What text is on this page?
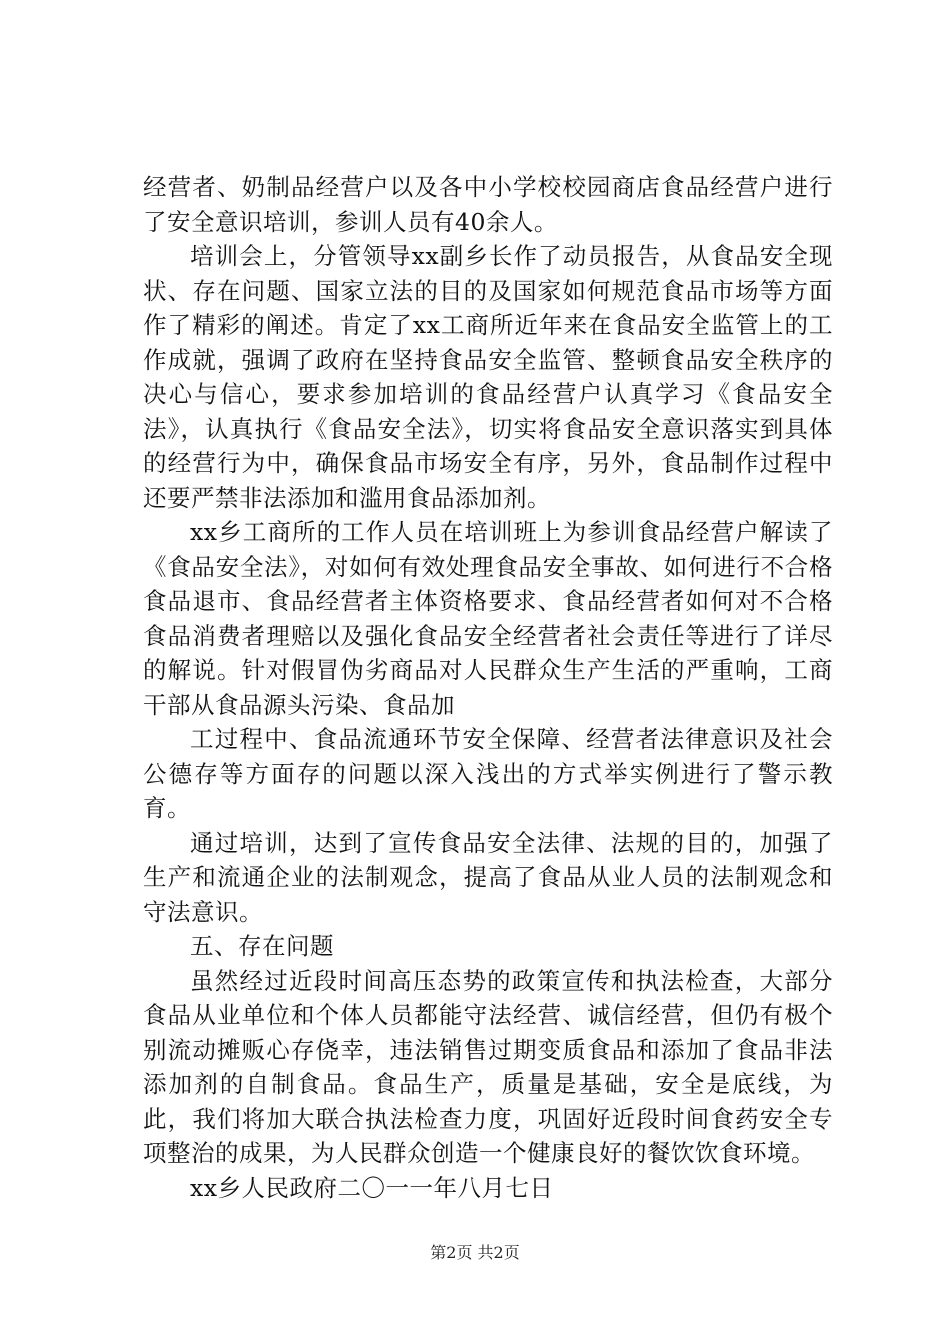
经营者、奶制品经营户以及各中小学校校园商店食品经营户进行了安全意识培训，参训人员有40余人。

培训会上，分管领导xx副乡长作了动员报告，从食品安全现状、存在问题、国家立法的目的及国家如何规范食品市场等方面作了精彩的阐述。肯定了xx工商所近年来在食品安全监管上的工作成就，强调了政府在坚持食品安全监管、整顿食品安全秩序的决心与信心，要求参加培训的食品经营户认真学习《食品安全法》，认真执行《食品安全法》，切实将食品安全意识落实到具体的经营行为中，确保食品市场安全有序，另外，食品制作过程中还要严禁非法添加和滥用食品添加剂。

xx乡工商所的工作人员在培训班上为参训食品经营户解读了《食品安全法》，对如何有效处理食品安全事故、如何进行不合格食品退市、食品经营者主体资格要求、食品经营者如何对不合格食品消费者理赔以及强化食品安全经营者社会责任等进行了详尽的解说。针对假冒伪劣商品对人民群众生产生活的严重响，工商干部从食品源头污染、食品加

工过程中、食品流通环节安全保障、经营者法律意识及社会公德存等方面存的问题以深入浅出的方式举实例进行了警示教育。

通过培训，达到了宣传食品安全法律、法规的目的，加强了生产和流通企业的法制观念，提高了食品从业人员的法制观念和守法意识。

五、存在问题

虽然经过近段时间高压态势的政策宣传和执法检查，大部分食品从业单位和个体人员都能守法经营、诚信经营，但仍有极个别流动摊贩心存侥幸，违法销售过期变质食品和添加了食品非法添加剂的自制食品。食品生产，质量是基础，安全是底线，为此，我们将加大联合执法检查力度，巩固好近段时间食药安全专项整治的成果，为人民群众创造一个健康良好的餐饮饮食环境。

xx乡人民政府二〇一一年八月七日

第2页 共2页
